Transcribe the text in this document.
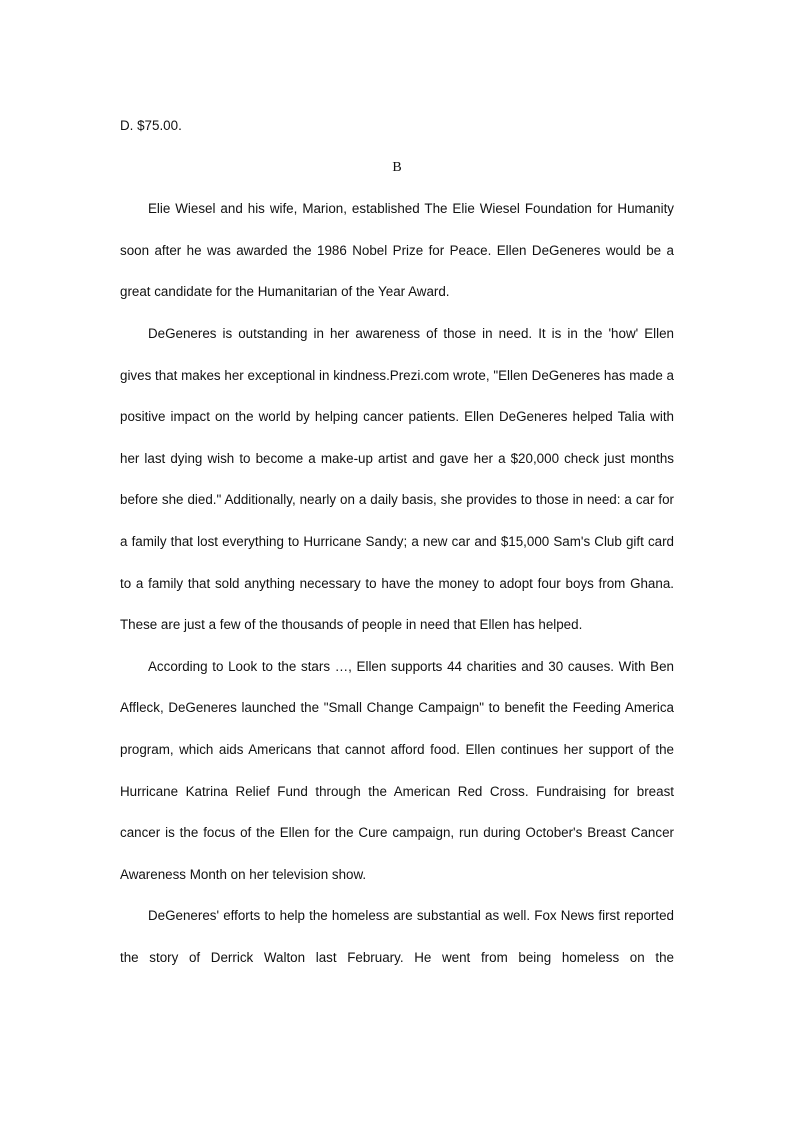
D. $75.00.

B

Elie Wiesel and his wife, Marion, established The Elie Wiesel Foundation for Humanity soon after he was awarded the 1986 Nobel Prize for Peace. Ellen DeGeneres would be a great candidate for the Humanitarian of the Year Award.

DeGeneres is outstanding in her awareness of those in need. It is in the 'how' Ellen gives that makes her exceptional in kindness.Prezi.com wrote, "Ellen DeGeneres has made a positive impact on the world by helping cancer patients. Ellen DeGeneres helped Talia with her last dying wish to become a make-up artist and gave her a $20,000 check just months before she died." Additionally, nearly on a daily basis, she provides to those in need: a car for a family that lost everything to Hurricane Sandy; a new car and $15,000 Sam's Club gift card to a family that sold anything necessary to have the money to adopt four boys from Ghana. These are just a few of the thousands of people in need that Ellen has helped.

According to Look to the stars …, Ellen supports 44 charities and 30 causes. With Ben Affleck, DeGeneres launched the "Small Change Campaign" to benefit the Feeding America program, which aids Americans that cannot afford food. Ellen continues her support of the Hurricane Katrina Relief Fund through the American Red Cross. Fundraising for breast cancer is the focus of the Ellen for the Cure campaign, run during October's Breast Cancer Awareness Month on her television show.

DeGeneres' efforts to help the homeless are substantial as well. Fox News first reported the story of Derrick Walton last February. He went from being homeless on the
